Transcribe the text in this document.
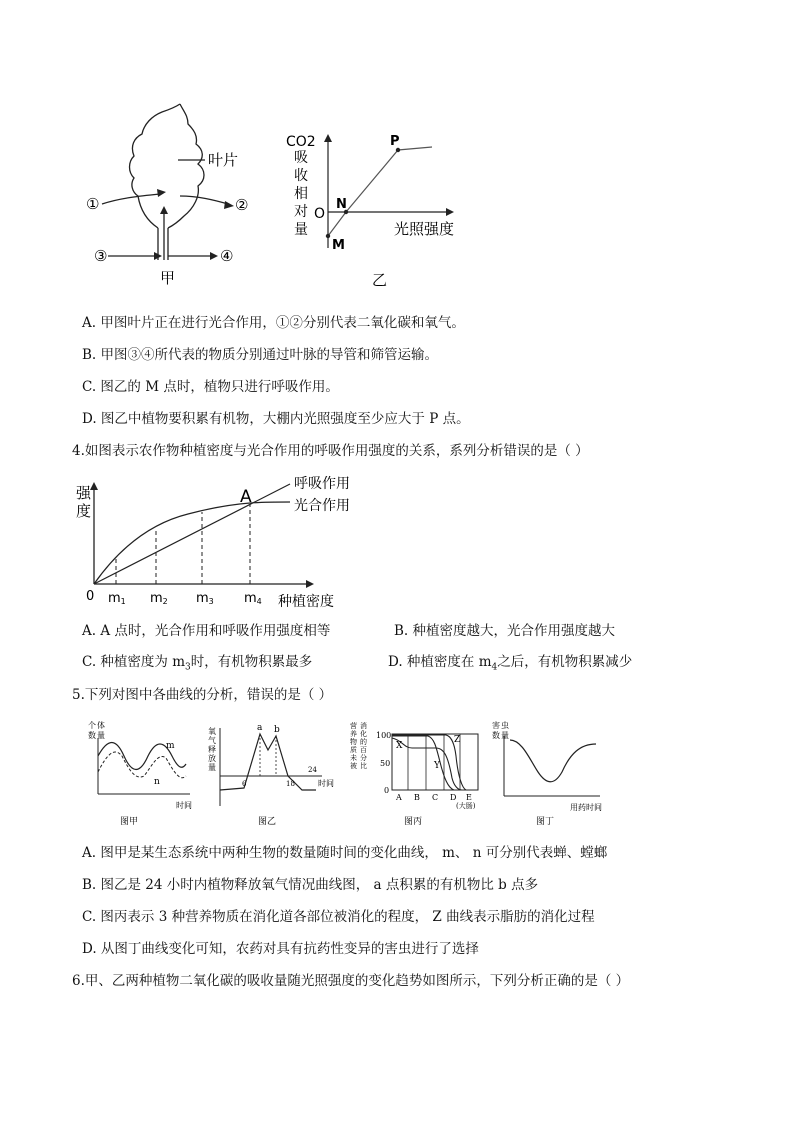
叶片
①	②
③	④
甲
CO2
吸
收
相
对
量
O
N
M
P
光照强度
乙
A. 甲图叶片正在进行光合作用，①②分别代表二氧化碳和氧气。
B. 甲图③④所代表的物质分别通过叶脉的导管和筛管运输。
C. 图乙的 M 点时，植物只进行呼吸作用。
D. 图乙中植物要积累有机物，大棚内光照强度至少应大于 P 点。
4.如图表示农作物种植密度与光合作用的呼吸作用强度的关系，系列分析错误的是（ ）
强
度
0 m1 m2 m3 m4
A
呼吸作用
光合作用
种植密度
A. A 点时，光合作用和呼吸作用强度相等	B. 种植密度越大，光合作用强度越大
C. 种植密度为 $m_3$时，有机物积累最多	D. 种植密度在 $m_4$之后，有机物积累减少
5.下列对图中各曲线的分析，错误的是（ ）
个体数量
m
n
时间
图甲
氧气释放量
a b
6	18
24
时间
图乙
营养物质未被消化的百分比
100
50
0
X
Y
Z
A B C D E
(大肠)
图丙
害虫数量
用药时间
图丁
A. 图甲是某生态系统中两种生物的数量随时间的变化曲线， m、 n 可分别代表蝉、螳螂
B. 图乙是 24 小时内植物释放氧气情况曲线图， a 点积累的有机物比 b 点多
C. 图丙表示 3 种营养物质在消化道各部位被消化的程度， Z 曲线表示脂肪的消化过程
D. 从图丁曲线变化可知，农药对具有抗药性变异的害虫进行了选择
6.甲、乙两种植物二氧化碳的吸收量随光照强度的变化趋势如图所示，下列分析正确的是（ ）
